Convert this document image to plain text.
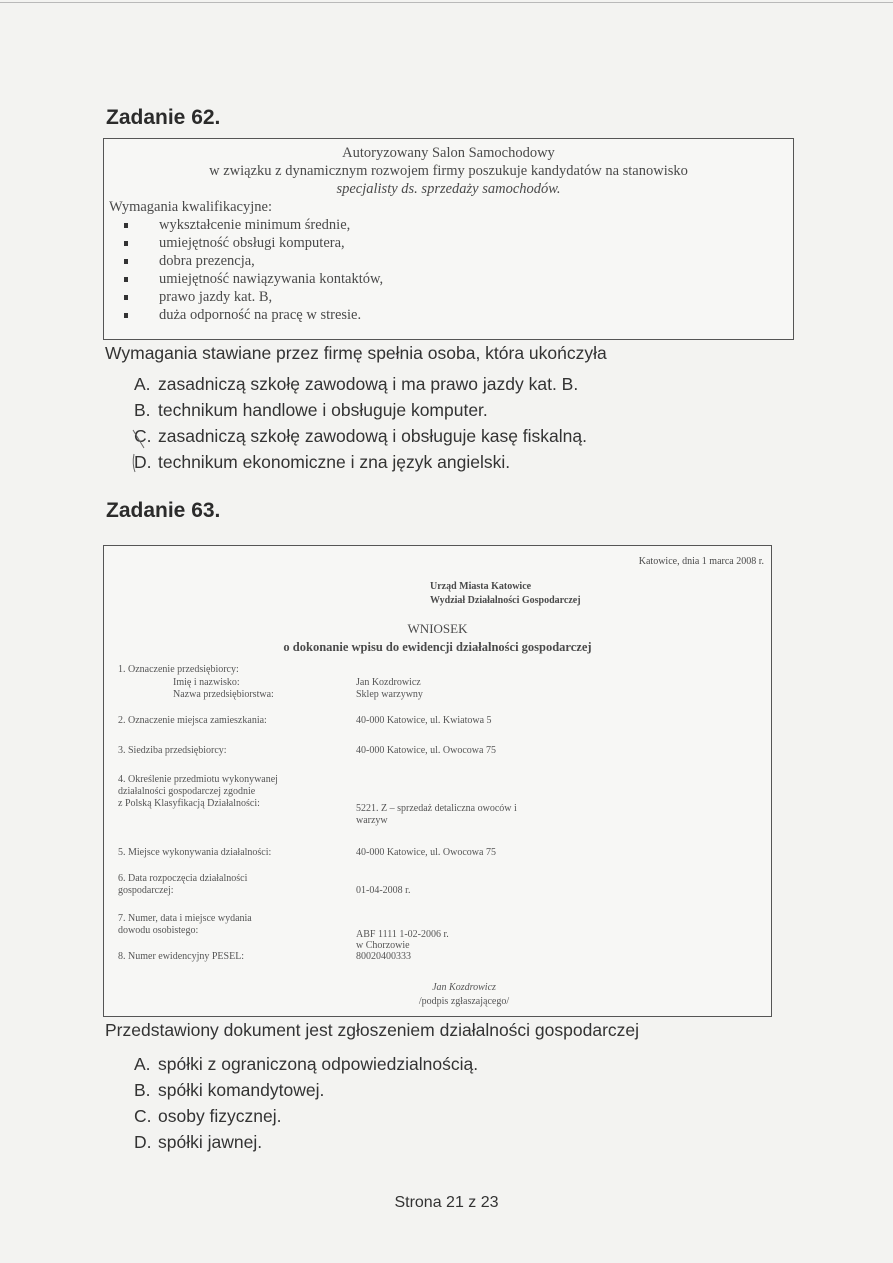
Zadanie 62.
Autoryzowany Salon Samochodowy
w związku z dynamicznym rozwojem firmy poszukuje kandydatów na stanowisko
specjalisty ds. sprzedaży samochodów.
Wymagania kwalifikacyjne:
wykształcenie minimum średnie,
umiejętność obsługi komputera,
dobra prezencja,
umiejętność nawiązywania kontaktów,
prawo jazdy kat. B,
duża odporność na pracę w stresie.
Wymagania stawiane przez firmę spełnia osoba, która ukończyła
A. zasadniczą szkołę zawodową i ma prawo jazdy kat. B.
B. technikum handlowe i obsługuje komputer.
C. zasadniczą szkołę zawodową i obsługuje kasę fiskalną.
D. technikum ekonomiczne i zna język angielski.
Zadanie 63.
Katowice, dnia 1 marca 2008 r.
Urząd Miasta Katowice
Wydział Działalności Gospodarczej
WNIOSEK
o dokonanie wpisu do ewidencji działalności gospodarczej
1. Oznaczenie przedsiębiorcy:
Imię i nazwisko:	Jan Kozdrowicz
Nazwa przedsiębiorstwa:	Sklep warzywny
2. Oznaczenie miejsca zamieszkania:	40-000 Katowice, ul. Kwiatowa 5
3. Siedziba przedsiębiorcy:	40-000 Katowice, ul. Owocowa 75
4. Określenie przedmiotu wykonywanej
działalności gospodarczej zgodnie
z Polską Klasyfikacją Działalności:	5221. Z – sprzedaż detaliczna owoców i
warzyw
5. Miejsce wykonywania działalności:	40-000 Katowice, ul. Owocowa 75
6. Data rozpoczęcia działalności
gospodarczej:	01-04-2008 r.
7. Numer, data i miejsce wydania
dowodu osobistego:	ABF 1111 1-02-2006 r.
w Chorzowie
8. Numer ewidencyjny PESEL:	80020400333
Jan Kozdrowicz
/podpis zgłaszającego/
Przedstawiony dokument jest zgłoszeniem działalności gospodarczej
A. spółki z ograniczoną odpowiedzialnością.
B. spółki komandytowej.
C. osoby fizycznej.
D. spółki jawnej.
Strona 21 z 23
